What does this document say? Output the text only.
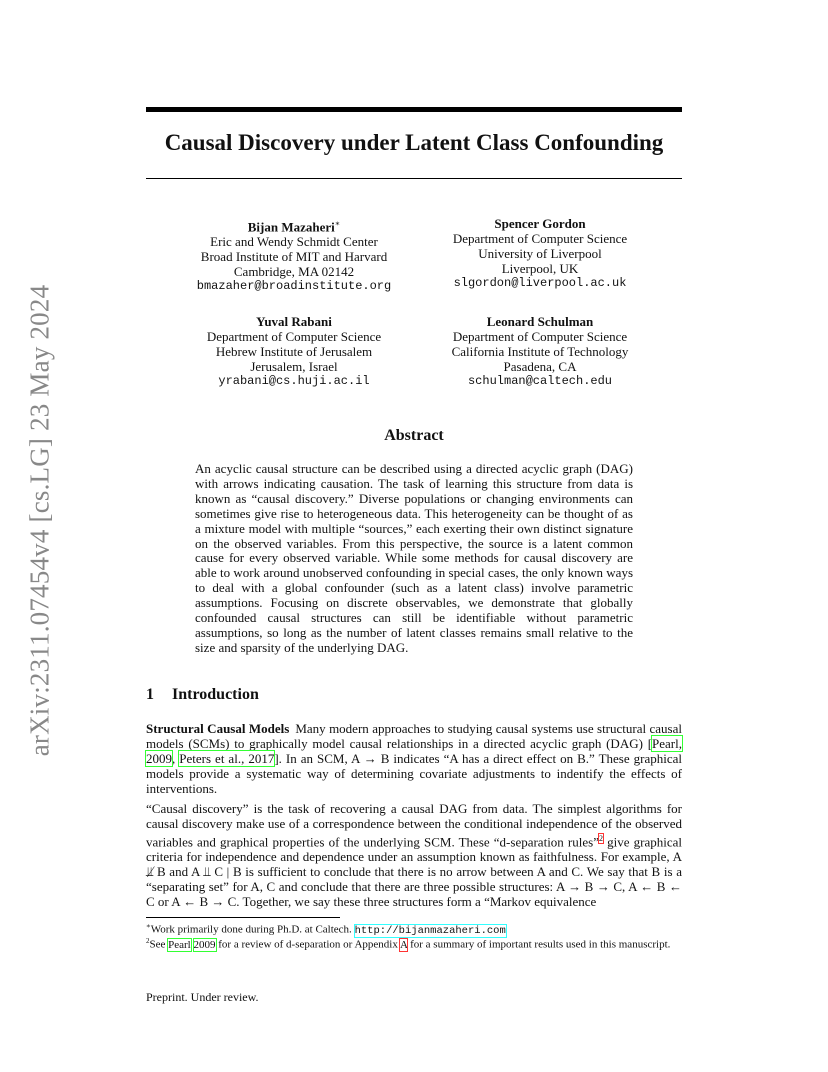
arXiv:2311.07454v4 [cs.LG] 23 May 2024
Causal Discovery under Latent Class Confounding
Bijan Mazaheri∗
Eric and Wendy Schmidt Center
Broad Institute of MIT and Harvard
Cambridge, MA 02142
bmazaher@broadinstitute.org
Spencer Gordon
Department of Computer Science
University of Liverpool
Liverpool, UK
slgordon@liverpool.ac.uk
Yuval Rabani
Department of Computer Science
Hebrew Institute of Jerusalem
Jerusalem, Israel
yrabani@cs.huji.ac.il
Leonard Schulman
Department of Computer Science
California Institute of Technology
Pasadena, CA
schulman@caltech.edu
Abstract
An acyclic causal structure can be described using a directed acyclic graph (DAG) with arrows indicating causation. The task of learning this structure from data is known as “causal discovery.” Diverse populations or changing environments can sometimes give rise to heterogeneous data. This heterogeneity can be thought of as a mixture model with multiple “sources,” each exerting their own distinct signature on the observed variables. From this perspective, the source is a latent common cause for every observed variable. While some methods for causal discovery are able to work around unobserved confounding in special cases, the only known ways to deal with a global confounder (such as a latent class) involve parametric assumptions. Focusing on discrete observables, we demonstrate that globally confounded causal structures can still be identifiable without parametric assumptions, so long as the number of latent classes remains small relative to the size and sparsity of the underlying DAG.
1 Introduction
Structural Causal Models Many modern approaches to studying causal systems use structural causal models (SCMs) to graphically model causal relationships in a directed acyclic graph (DAG) [Pearl, 2009, Peters et al., 2017]. In an SCM, A → B indicates “A has a direct effect on B.” These graphical models provide a systematic way of determining covariate adjustments to indentify the effects of interventions.
“Causal discovery” is the task of recovering a causal DAG from data. The simplest algorithms for causal discovery make use of a correspondence between the conditional independence of the observed variables and graphical properties of the underlying SCM. These “d-separation rules”$^2$ give graphical criteria for independence and dependence under an assumption known as faithfulness. For example, A ⫫̸ B and A ⫫ C | B is sufficient to conclude that there is no arrow between A and C. We say that B is a “separating set” for A, C and conclude that there are three possible structures: A → B → C, A ← B ← C or A ← B → C. Together, we say these three structures form a “Markov equivalence
∗Work primarily done during Ph.D. at Caltech. http://bijanmazaheri.com
$^2$See Pearl 2009 for a review of d-separation or Appendix A for a summary of important results used in this manuscript.
Preprint. Under review.
